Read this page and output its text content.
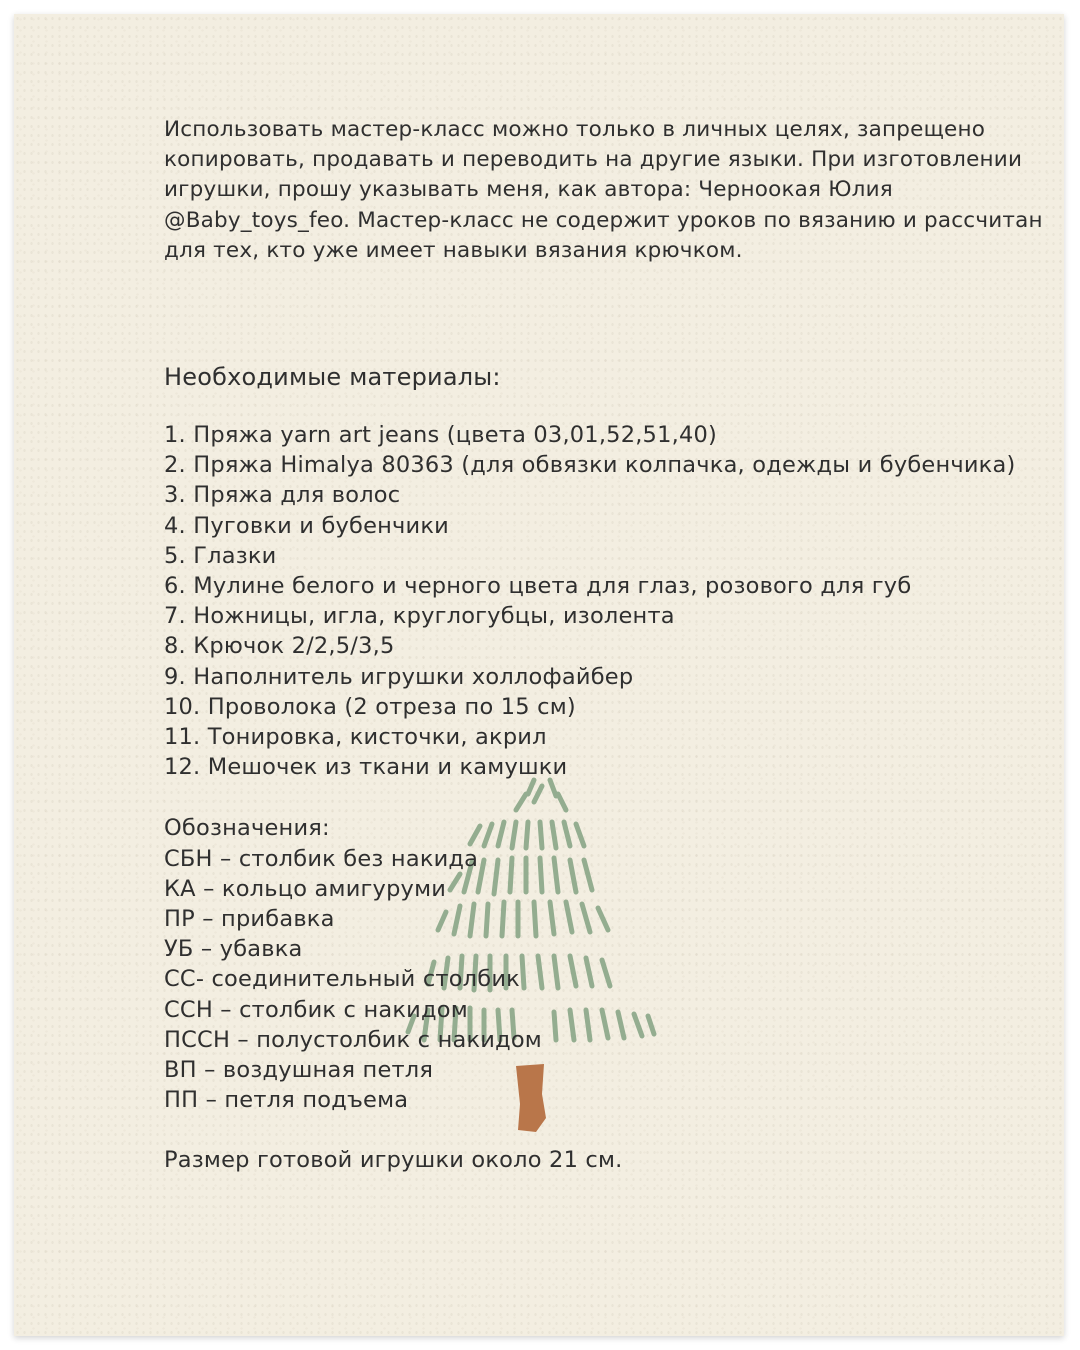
Использовать мастер-класс можно только в личных целях, запрещено копировать, продавать и переводить на другие языки. При изготовлении игрушки, прошу указывать меня, как автора: Черноокая Юлия @Baby_toys_feo. Мастер-класс не содержит уроков по вязанию и рассчитан для тех, кто уже имеет навыки вязания крючком.

Необходимые материалы:

1. Пряжа yarn art jeans (цвета 03,01,52,51,40)
2. Пряжа Himalya 80363 (для обвязки колпачка, одежды и бубенчика)
3. Пряжа для волос
4. Пуговки и бубенчики
5. Глазки
6. Мулине белого и черного цвета для глаз, розового для губ
7. Ножницы, игла, круглогубцы, изолента
8. Крючок 2/2,5/3,5
9. Наполнитель игрушки холлофайбер
10. Проволока (2 отреза по 15 см)
11. Тонировка, кисточки, акрил
12. Мешочек из ткани и камушки

Обозначения:

СБН – столбик без накида
КА – кольцо амигуруми
ПР – прибавка
УБ – убавка
СС- соединительный столбик
ССН – столбик с накидом
ПССН – полустолбик с накидом
ВП – воздушная петля
ПП – петля подъема

Размер готовой игрушки около 21 см.
